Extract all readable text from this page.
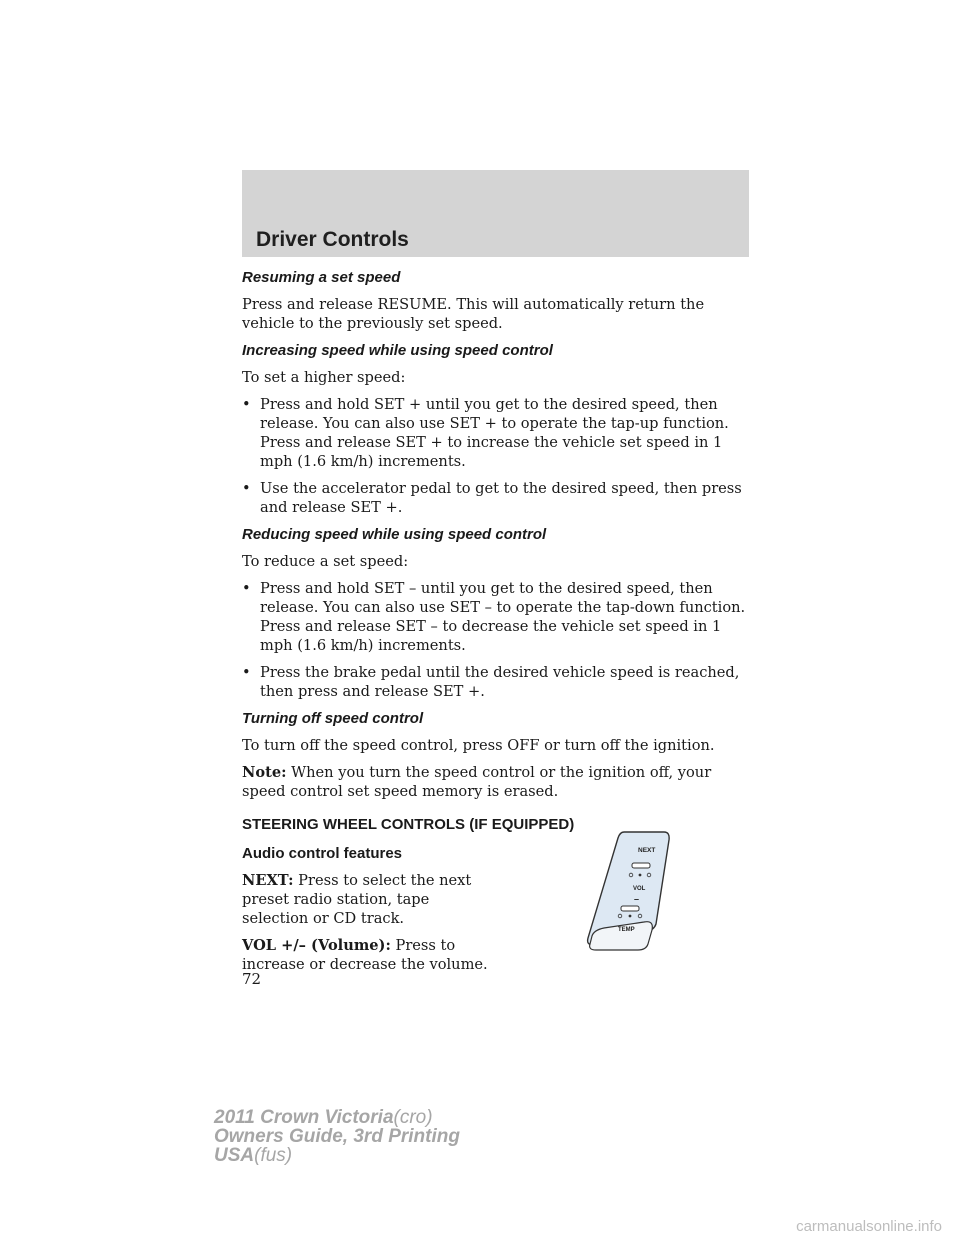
Driver Controls
Resuming a set speed
Press and release RESUME. This will automatically return the vehicle to the previously set speed.
Increasing speed while using speed control
To set a higher speed:
• Press and hold SET + until you get to the desired speed, then release. You can also use SET + to operate the tap-up function. Press and release SET + to increase the vehicle set speed in 1 mph (1.6 km/h) increments.
• Use the accelerator pedal to get to the desired speed, then press and release SET +.
Reducing speed while using speed control
To reduce a set speed:
• Press and hold SET – until you get to the desired speed, then release. You can also use SET – to operate the tap-down function. Press and release SET – to decrease the vehicle set speed in 1 mph (1.6 km/h) increments.
• Press the brake pedal until the desired vehicle speed is reached, then press and release SET +.
Turning off speed control
To turn off the speed control, press OFF or turn off the ignition.
Note: When you turn the speed control or the ignition off, your speed control set speed memory is erased.
STEERING WHEEL CONTROLS (IF EQUIPPED)
Audio control features
NEXT: Press to select the next preset radio station, tape selection or CD track.
VOL +/– (Volume): Press to increase or decrease the volume.
NEXT
VOL
–
TEMP
72
2011 Crown Victoria(cro)
Owners Guide, 3rd Printing
USA(fus)
carmanualsonline.info
